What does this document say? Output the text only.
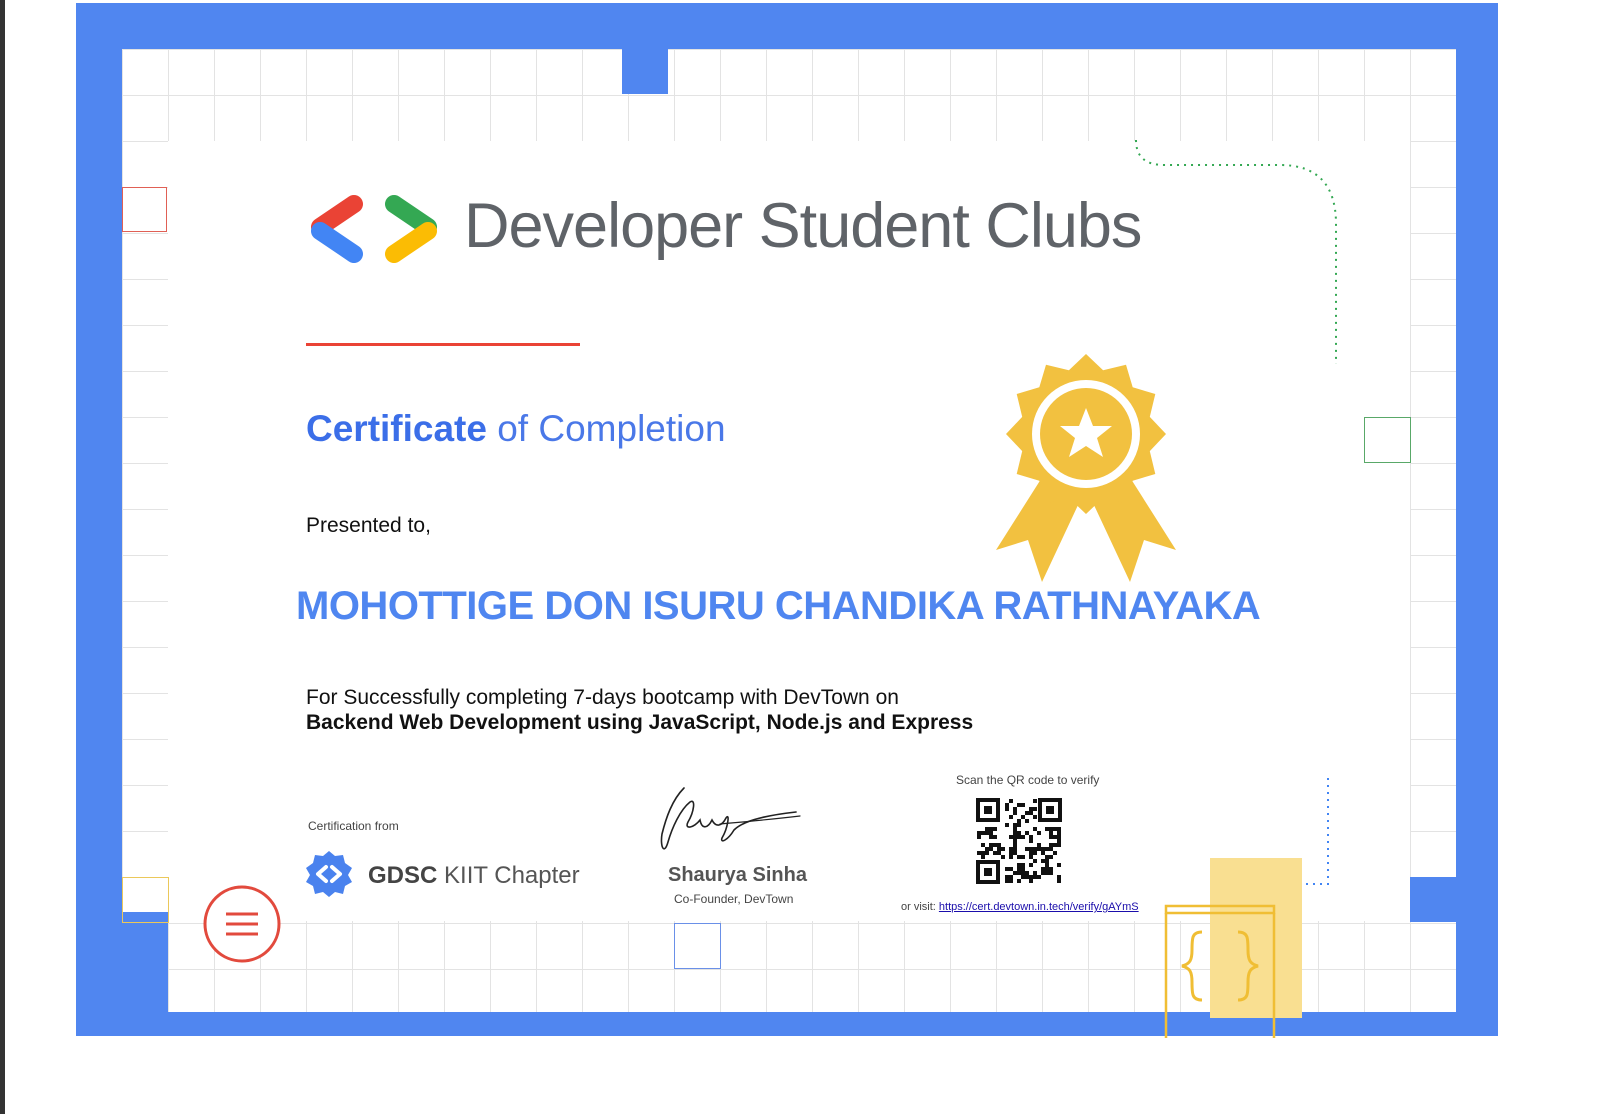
Developer Student Clubs
Certificate of Completion
Presented to,
MOHOTTIGE DON ISURU CHANDIKA RATHNAYAKA
For Successfully completing 7-days bootcamp with DevTown on
Backend Web Development using JavaScript, Node.js and Express
Certification from
GDSC KIIT Chapter	Shaurya Sinha
Co-Founder, DevTown
Scan the QR code to verify
or visit: https://cert.devtown.in.tech/verify/gAYmS
